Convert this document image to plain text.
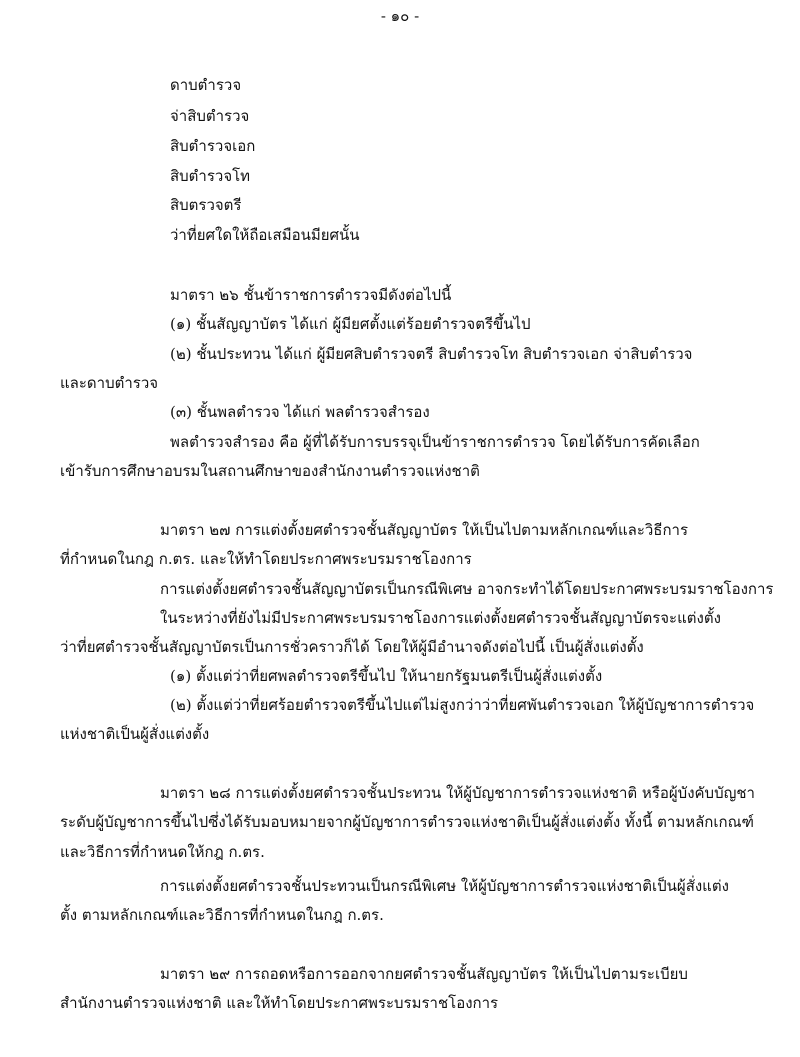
- ๑๐ -
ดาบตำรวจ
จ่าสิบตำรวจ
สิบตำรวจเอก
สิบตำรวจโท
สิบตรวจตรี
ว่าที่ยศใดให้ถือเสมือนมียศนั้น
มาตรา ๒๖ ชั้นข้าราชการตำรวจมีดังต่อไปนี้
(๑) ชั้นสัญญาบัตร ได้แก่ ผู้มียศตั้งแต่ร้อยตำรวจตรีขึ้นไป
(๒) ชั้นประทวน ได้แก่ ผู้มียศสิบตำรวจตรี สิบตำรวจโท สิบตำรวจเอก จ่าสิบตำรวจ
และดาบตำรวจ
(๓) ชั้นพลตำรวจ ได้แก่ พลตำรวจสำรอง
พลตำรวจสำรอง คือ ผู้ที่ได้รับการบรรจุเป็นข้าราชการตำรวจ โดยได้รับการคัดเลือก
เข้ารับการศึกษาอบรมในสถานศึกษาของสำนักงานตำรวจแห่งชาติ
มาตรา ๒๗ การแต่งตั้งยศตำรวจชั้นสัญญาบัตร ให้เป็นไปตามหลักเกณฑ์และวิธีการ
ที่กำหนดในกฎ ก.ตร. และให้ทำโดยประกาศพระบรมราชโองการ
การแต่งตั้งยศตำรวจชั้นสัญญาบัตรเป็นกรณีพิเศษ อาจกระทำได้โดยประกาศพระบรมราชโองการ
ในระหว่างที่ยังไม่มีประกาศพระบรมราชโองการแต่งตั้งยศตำรวจชั้นสัญญาบัตรจะแต่งตั้ง
ว่าที่ยศตำรวจชั้นสัญญาบัตรเป็นการชั่วคราวก็ได้ โดยให้ผู้มีอำนาจดังต่อไปนี้ เป็นผู้สั่งแต่งตั้ง
(๑) ตั้งแต่ว่าที่ยศพลตำรวจตรีขึ้นไป ให้นายกรัฐมนตรีเป็นผู้สั่งแต่งตั้ง
(๒) ตั้งแต่ว่าที่ยศร้อยตำรวจตรีขึ้นไปแต่ไม่สูงกว่าว่าที่ยศพันตำรวจเอก ให้ผู้บัญชาการตำรวจ
แห่งชาติเป็นผู้สั่งแต่งตั้ง
มาตรา ๒๘ การแต่งตั้งยศตำรวจชั้นประทวน ให้ผู้บัญชาการตำรวจแห่งชาติ หรือผู้บังคับบัญชา
ระดับผู้บัญชาการขึ้นไปซึ่งได้รับมอบหมายจากผู้บัญชาการตำรวจแห่งชาติเป็นผู้สั่งแต่งตั้ง ทั้งนี้ ตามหลักเกณฑ์
และวิธีการที่กำหนดให้กฎ ก.ตร.
การแต่งตั้งยศตำรวจชั้นประทวนเป็นกรณีพิเศษ ให้ผู้บัญชาการตำรวจแห่งชาติเป็นผู้สั่งแต่ง
ตั้ง ตามหลักเกณฑ์และวิธีการที่กำหนดในกฎ ก.ตร.
มาตรา ๒๙ การถอดหรือการออกจากยศตำรวจชั้นสัญญาบัตร ให้เป็นไปตามระเบียบ
สำนักงานตำรวจแห่งชาติ และให้ทำโดยประกาศพระบรมราชโองการ
